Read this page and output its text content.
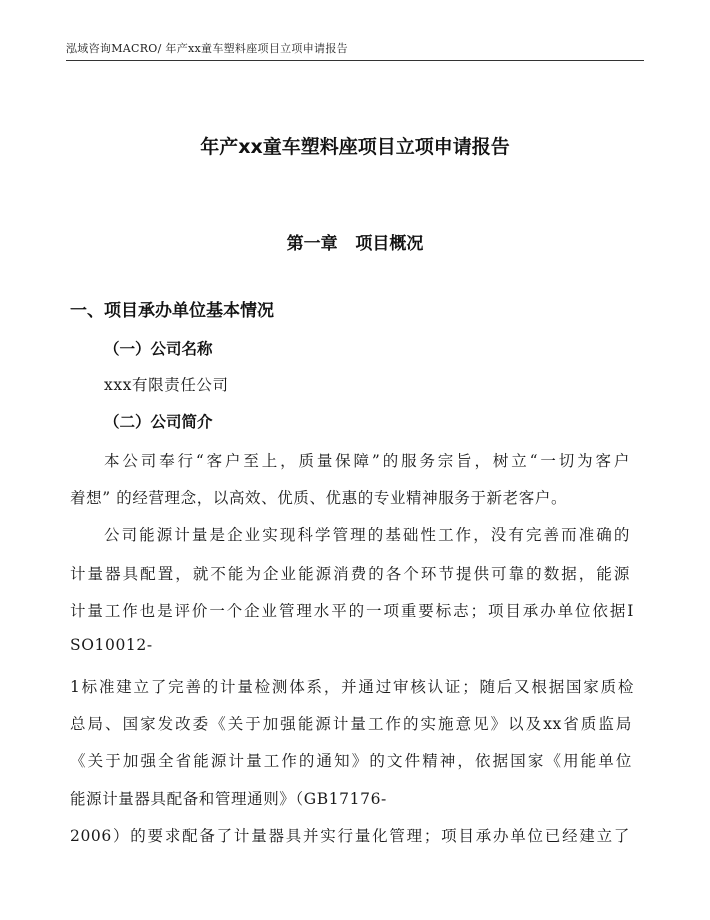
泓域咨询MACRO/ 年产xx童车塑料座项目立项申请报告
年产xx童车塑料座项目立项申请报告
第一章   项目概况
一、项目承办单位基本情况
（一）公司名称
xxx有限责任公司
（二）公司简介
本公司奉行“客户至上，质量保障”的服务宗旨，树立“一切为客户
着想” 的经营理念，以高效、优质、优惠的专业精神服务于新老客户。
公司能源计量是企业实现科学管理的基础性工作，没有完善而准确的
计量器具配置，就不能为企业能源消费的各个环节提供可靠的数据，能源
计量工作也是评价一个企业管理水平的一项重要标志；项目承办单位依据I
SO10012-
1标准建立了完善的计量检测体系，并通过审核认证；随后又根据国家质检
总局、国家发改委《关于加强能源计量工作的实施意见》以及xx省质监局
《关于加强全省能源计量工作的通知》的文件精神，依据国家《用能单位
能源计量器具配备和管理通则》（GB17176-
2006）的要求配备了计量器具并实行量化管理；项目承办单位已经建立了
